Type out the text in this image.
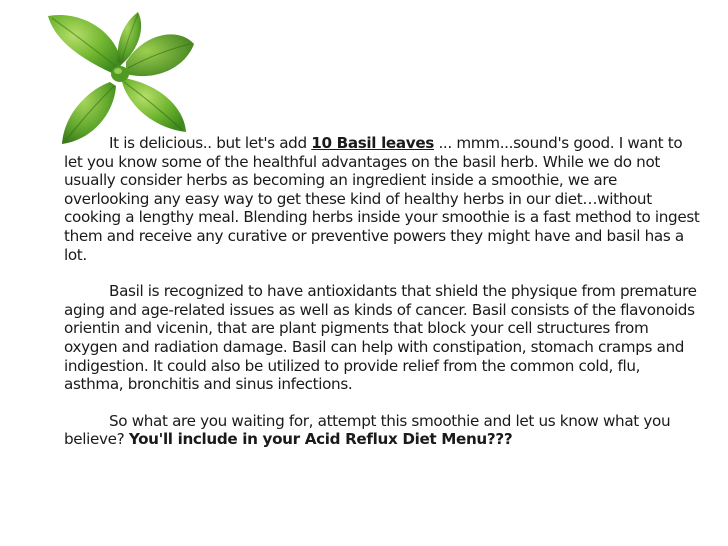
It is delicious.. but let's add 10 Basil leaves ... mmm...sound's good. I want to let you know some of the healthful advantages on the basil herb. While we do not usually consider herbs as becoming an ingredient inside a smoothie, we are overlooking any easy way to get these kind of healthy herbs in our diet…without cooking a lengthy meal. Blending herbs inside your smoothie is a fast method to ingest them and receive any curative or preventive powers they might have and basil has a lot.

Basil is recognized to have antioxidants that shield the physique from premature aging and age-related issues as well as kinds of cancer. Basil consists of the flavonoids orientin and vicenin, that are plant pigments that block your cell structures from oxygen and radiation damage. Basil can help with constipation, stomach cramps and indigestion. It could also be utilized to provide relief from the common cold, flu, asthma, bronchitis and sinus infections.

So what are you waiting for, attempt this smoothie and let us know what you believe? You'll include in your Acid Reflux Diet Menu???
